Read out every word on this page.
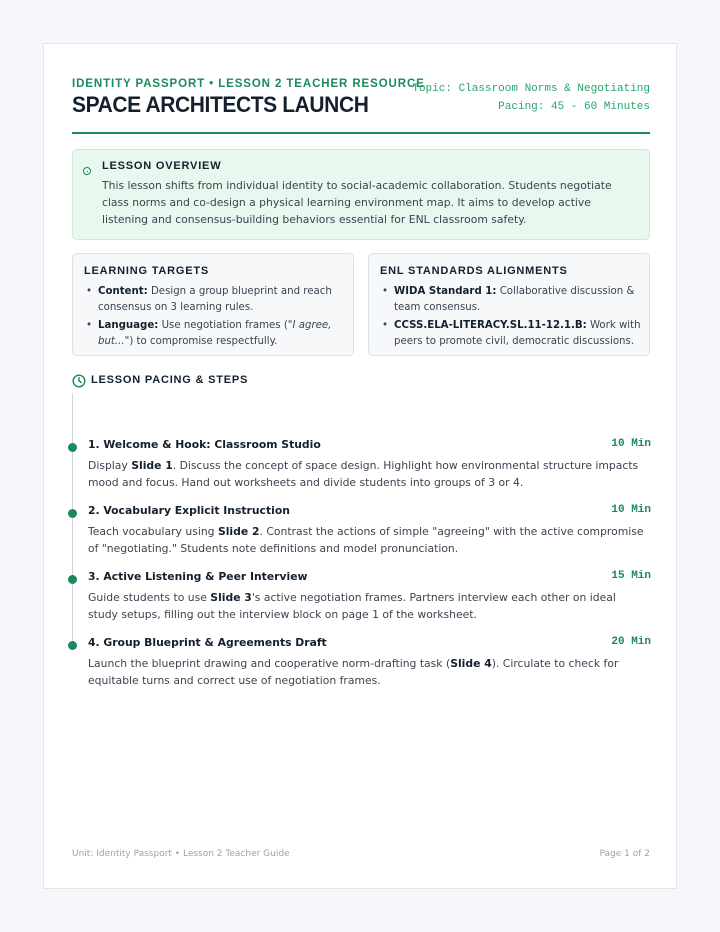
IDENTITY PASSPORT • LESSON 2 TEACHER RESOURCE
SPACE ARCHITECTS LAUNCH
Topic: Classroom Norms & Negotiating
Pacing: 45 - 60 Minutes
LESSON OVERVIEW
This lesson shifts from individual identity to social-academic collaboration. Students negotiate class norms and co-design a physical learning environment map. It aims to develop active listening and consensus-building behaviors essential for ENL classroom safety.
LEARNING TARGETS
• Content: Design a group blueprint and reach consensus on 3 learning rules.
• Language: Use negotiation frames ("I agree, but...") to compromise respectfully.
ENL STANDARDS ALIGNMENTS
• WIDA Standard 1: Collaborative discussion & team consensus.
• CCSS.ELA-LITERACY.SL.11-12.1.B: Work with peers to promote civil, democratic discussions.
LESSON PACING & STEPS
1. Welcome & Hook: Classroom Studio	10 Min
Display Slide 1. Discuss the concept of space design. Highlight how environmental structure impacts mood and focus. Hand out worksheets and divide students into groups of 3 or 4.
2. Vocabulary Explicit Instruction	10 Min
Teach vocabulary using Slide 2. Contrast the actions of simple "agreeing" with the active compromise of "negotiating." Students note definitions and model pronunciation.
3. Active Listening & Peer Interview	15 Min
Guide students to use Slide 3's active negotiation frames. Partners interview each other on ideal study setups, filling out the interview block on page 1 of the worksheet.
4. Group Blueprint & Agreements Draft	20 Min
Launch the blueprint drawing and cooperative norm-drafting task (Slide 4). Circulate to check for equitable turns and correct use of negotiation frames.
Unit: Identity Passport • Lesson 2 Teacher Guide	Page 1 of 2
